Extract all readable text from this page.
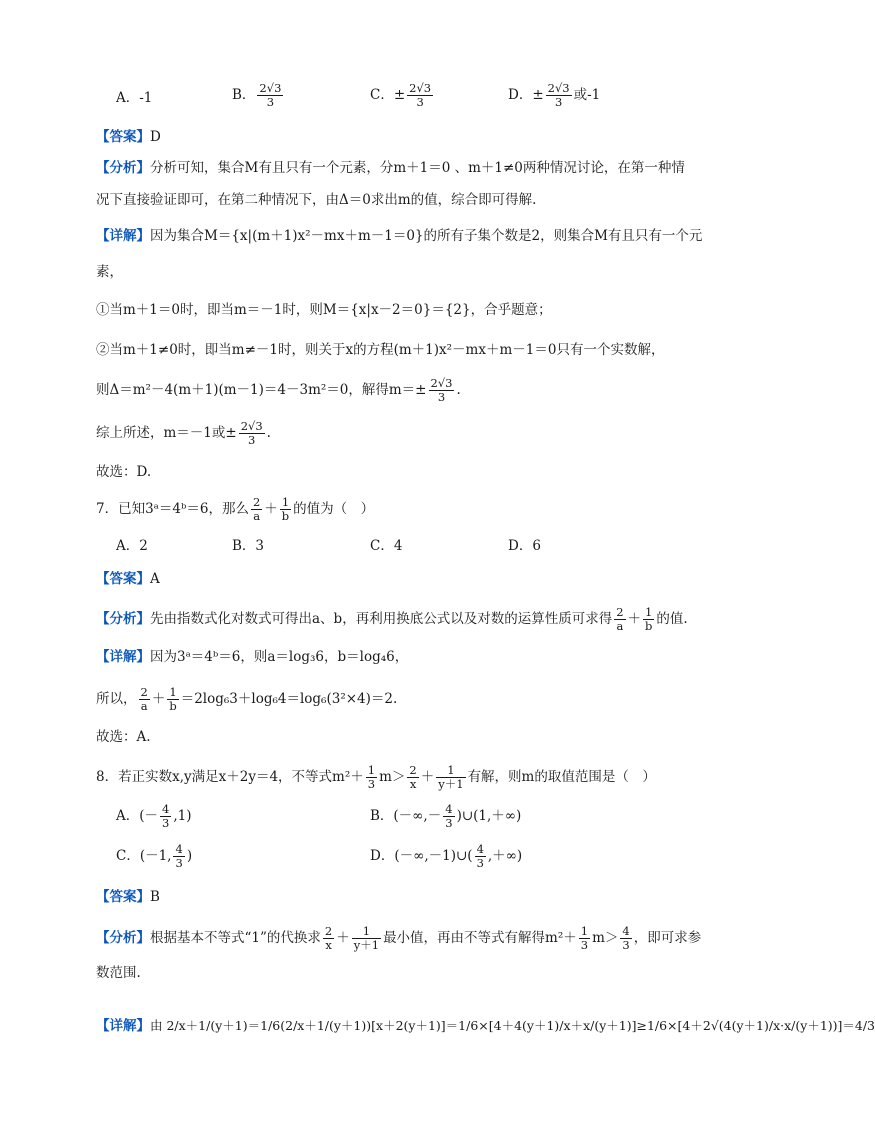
A．-1	B． $\frac{2√3}{3}$	C．± $\frac{2√3}{3}$	D．± $\frac{2√3}{3}$ 或-1
【答案】D
【分析】分析可知，集合M有且只有一个元素，分m＋1＝0 、m＋1≠0两种情况讨论，在第一种情
况下直接验证即可，在第二种情况下，由Δ＝0求出m的值，综合即可得解.
【详解】因为集合M＝{x|(m＋1)x²－mx＋m－1＝0}的所有子集个数是2，则集合M有且只有一个元
素，
①当m＋1＝0时，即当m＝－1时，则M＝{x|x－2＝0}＝{2}，合乎题意；
②当m＋1≠0时，即当m≠－1时，则关于x的方程(m＋1)x²－mx＋m－1＝0只有一个实数解，
则Δ＝m²－4(m＋1)(m－1)＝4－3m²＝0，解得$m=\pm \frac{2√3}{3}$ .
综上所述，m＝－1或± $\frac{2√3}{3}$ .
故选：D.
7．已知3ᵃ＝4ᵇ＝6，那么 $\frac{2}{a} + \frac{1}{b}$ 的值为（　）
A．2	B．3	C．4	D．6
【答案】A
【分析】先由指数式化对数式可得出a、b，再利用换底公式以及对数的运算性质可求得 $\frac{2}{a} + \frac{1}{b}$ 的值.
【详解】因为3ᵃ＝4ᵇ＝6，则a＝log₃6，b＝log₄6，
所以， $\frac{2}{a} + \frac{1}{b} =2\log_63+\log_64=\log_6(3^2\times 4)=2$.
故选：A.
8．若正实数x,y满足x＋2y＝4，不等式$m^2+ \frac{1}{3} m> \frac{2}{x} + \frac{1}{y+1}$ 有解，则m的取值范围是（　）
A．(－ $\frac{4}{3} ,1$)	B．(－∞,－ $\frac{4}{3}$ )∪(1,＋∞)
C．(－1, $\frac{4}{3}$ )	D．(－∞,－1)∪( $\frac{4}{3}$ ,＋∞)
【答案】B
【分析】根据基本不等式“1”的代换求 $\frac{2}{x} + \frac{1}{y+1}$ 最小值，再由不等式有解得$m^2+ \frac{1}{3} m> \frac{4}{3}$ ，即可求参
数范围.
【详解】由 2/x＋1/(y＋1)＝1/6(2/x＋1/(y＋1))[x＋2(y＋1)]＝1/6×[4＋4(y＋1)/x＋x/(y＋1)]≥1/6×[4＋2√(4(y＋1)/x·x/(y＋1))]＝4/3
